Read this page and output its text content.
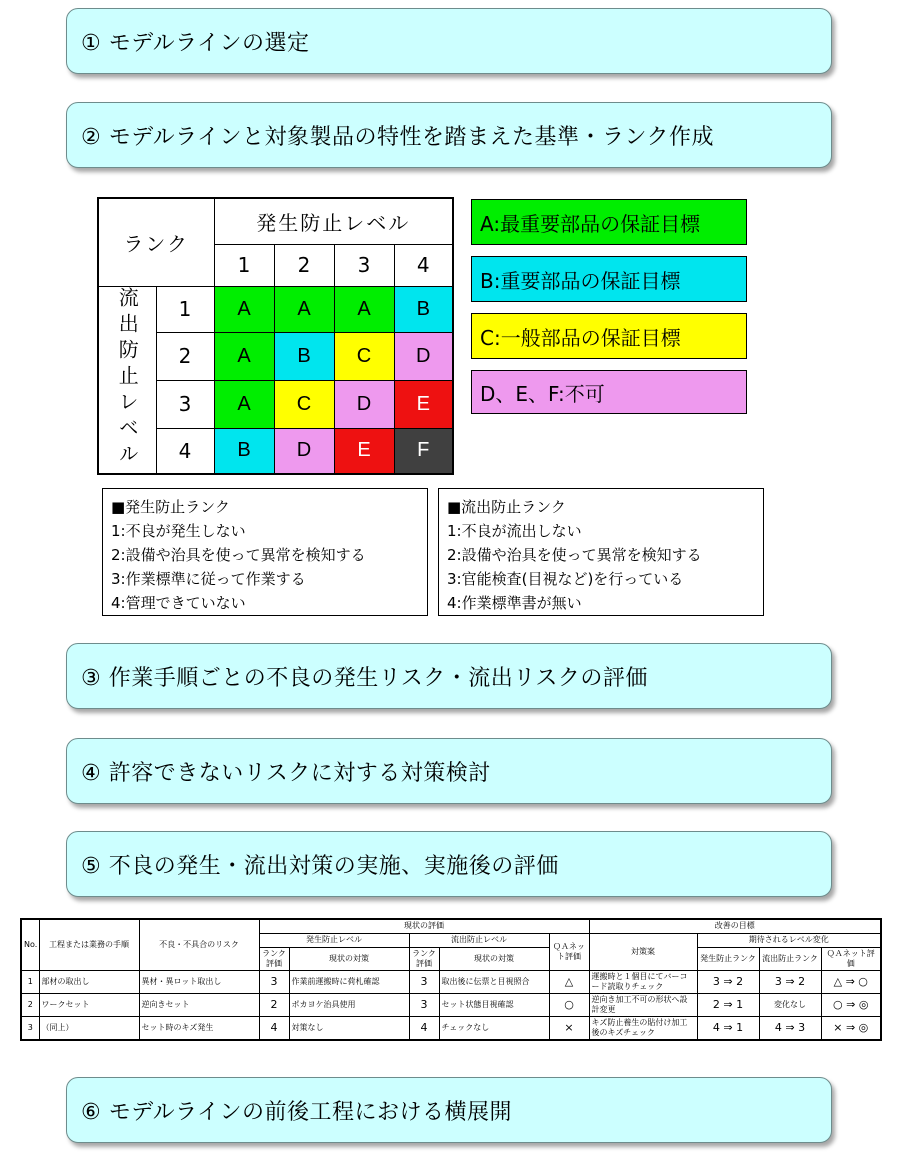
① モデルラインの選定
② モデルラインと対象製品の特性を踏まえた基準・ランク作成
ランク		発生防止レベル			
		1	2	3	4
流出防止レベル	1	A	A	A	B
	2	A	B	C	D
	3	A	C	D	E
	4	B	D	E	F
A:最重要部品の保証目標
B:重要部品の保証目標
C:一般部品の保証目標
D、E、F:不可
■発生防止ランク
1:不良が発生しない
2:設備や治具を使って異常を検知する
3:作業標準に従って作業する
4:管理できていない
■流出防止ランク
1:不良が流出しない
2:設備や治具を使って異常を検知する
3:官能検査(目視など)を行っている
4:作業標準書が無い
③ 作業手順ごとの不良の発生リスク・流出リスクの評価
④ 許容できないリスクに対する対策検討
⑤ 不良の発生・流出対策の実施、実施後の評価
No.	工程または業務の手順	不良・不具合のリスク	現状の評価					改善の目標			
			発生防止レベル		流出防止レベル		ＱＡネット評価	対策案	期待されるレベル変化		
			ランク評価	現状の対策	ランク評価	現状の対策			発生防止ランク	流出防止ランク	ＱＡネット評価
1	部材の取出し	異材・異ロット取出し	3	作業前運搬時に荷札確認	3	取出後に伝票と目視照合	△	運搬時と１個目にてバーコード読取りチェック	3 ⇒ 2	3 ⇒ 2	△ ⇒ ○
2	ワークセット	逆向きセット	2	ポカヨケ治具使用	3	セット状態目視確認	○	逆向き加工不可の形状へ設計変更	2 ⇒ 1	変化なし	○ ⇒ ◎
3	（同上）	セット時のキズ発生	4	対策なし	4	チェックなし	×	キズ防止養生の貼付け加工後のキズチェック	4 ⇒ 1	4 ⇒ 3	× ⇒ ◎
⑥ モデルラインの前後工程における横展開
